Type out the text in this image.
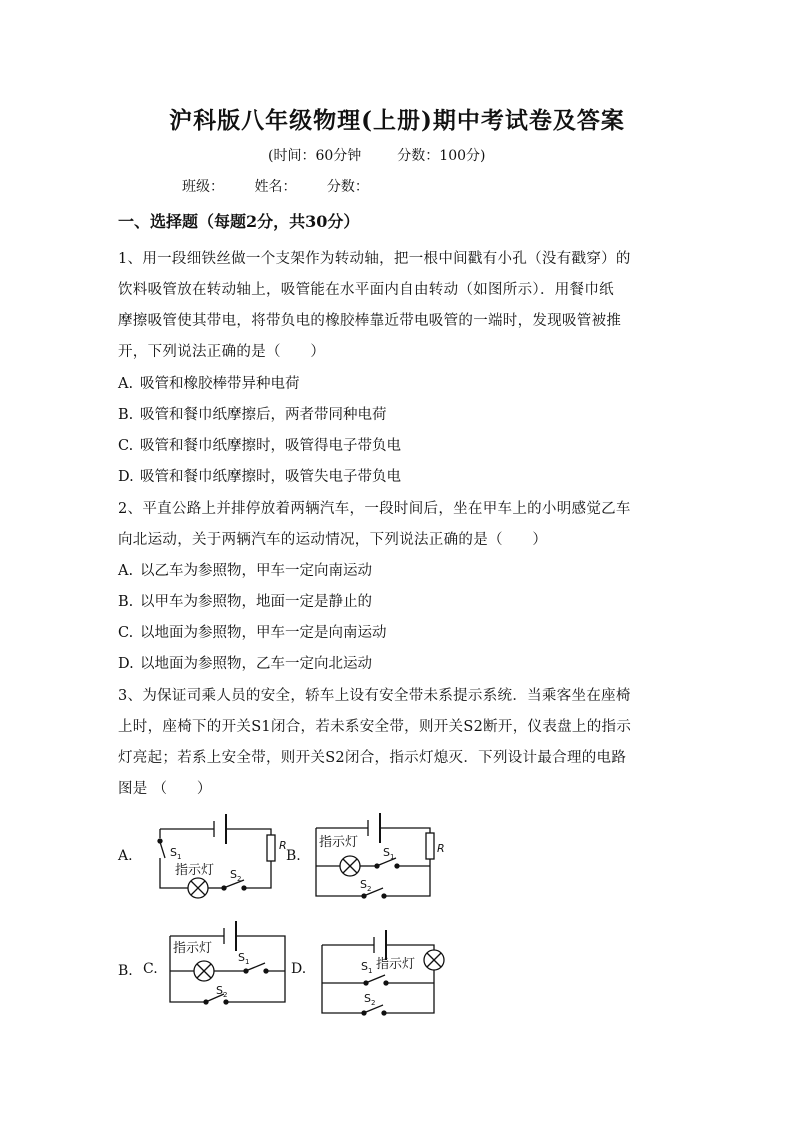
沪科版八年级物理(上册)期中考试卷及答案
(时间：60分钟	分数：100分)
班级： 姓名： 分数：
一、选择题（每题2分，共30分）
1、用一段细铁丝做一个支架作为转动轴，把一根中间戳有小孔（没有戳穿）的
饮料吸管放在转动轴上，吸管能在水平面内自由转动（如图所示）．用餐巾纸
摩擦吸管使其带电，将带负电的橡胶棒靠近带电吸管的一端时，发现吸管被推
开，下列说法正确的是（　　）
A. 吸管和橡胶棒带异种电荷
B. 吸管和餐巾纸摩擦后，两者带同种电荷
C. 吸管和餐巾纸摩擦时，吸管得电子带负电
D. 吸管和餐巾纸摩擦时，吸管失电子带负电
2、平直公路上并排停放着两辆汽车，一段时间后，坐在甲车上的小明感觉乙车
向北运动，关于两辆汽车的运动情况，下列说法正确的是（　　）
A. 以乙车为参照物，甲车一定向南运动
B. 以甲车为参照物，地面一定是静止的
C. 以地面为参照物，甲车一定是向南运动
D. 以地面为参照物，乙车一定向北运动
3、为保证司乘人员的安全，轿车上设有安全带未系提示系统．当乘客坐在座椅
上时，座椅下的开关S1闭合，若未系安全带，则开关S2断开，仪表盘上的指示
灯亮起；若系上安全带，则开关S2闭合，指示灯熄灭．下列设计最合理的电路
图是 （　　）
A.	B.
B. C.	D.
S 1
指示灯 S 2
R 指示灯
S 1
S 2
R
指示灯
S 1
S 2
S 1 指示灯
S 2
